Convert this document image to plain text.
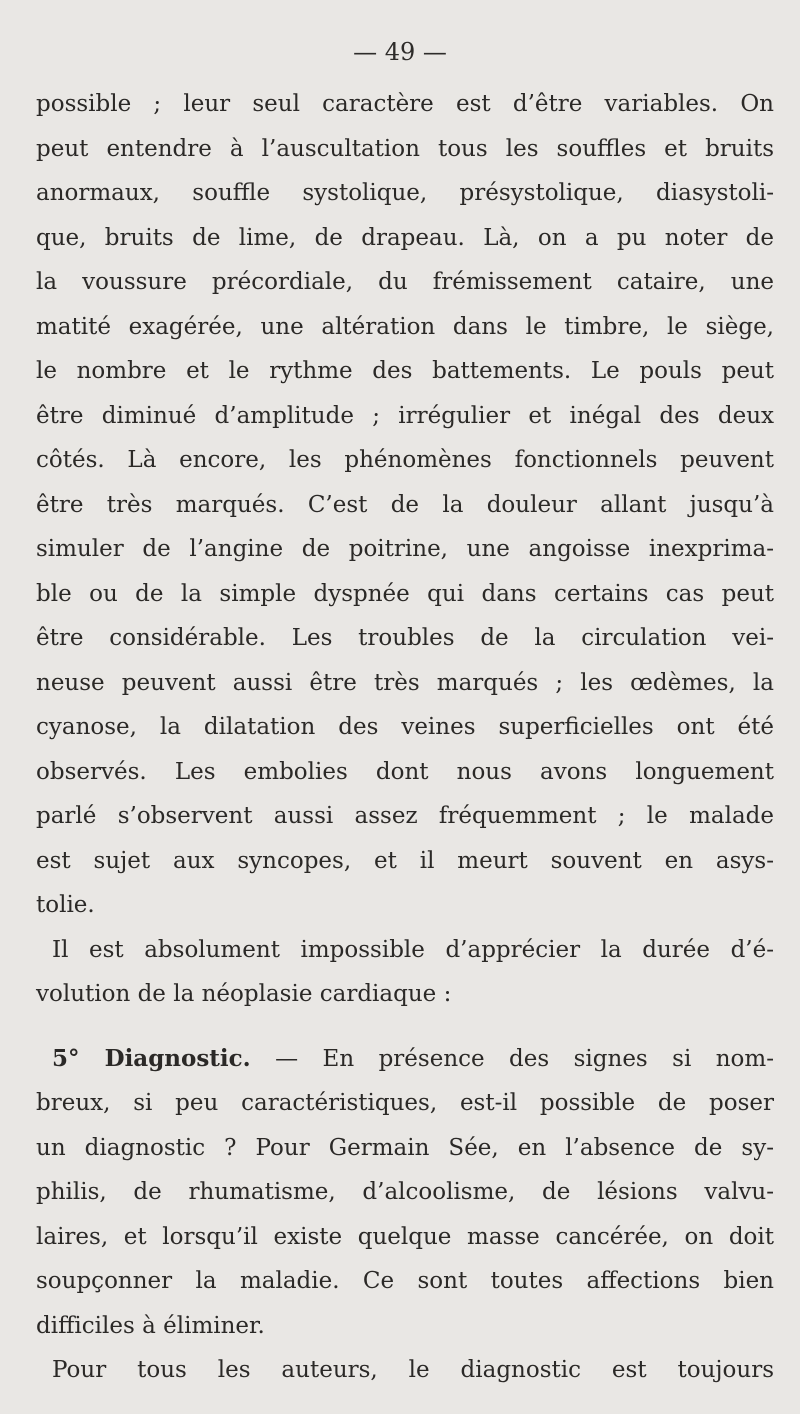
— 49 —
possible ; leur seul caractère est d’être variables. On
peut entendre à l’auscultation tous les souffles et bruits
anormaux, souffle systolique, présystolique, diasystoli-
que, bruits de lime, de drapeau. Là, on a pu noter de
la voussure précordiale, du frémissement cataire, une
matité exagérée, une altération dans le timbre, le siège,
le nombre et le rythme des battements. Le pouls peut
être diminué d’amplitude ; irrégulier et inégal des deux
côtés. Là encore, les phénomènes fonctionnels peuvent
être très marqués. C’est de la douleur allant jusqu’à
simuler de l’angine de poitrine, une angoisse inexprima-
ble ou de la simple dyspnée qui dans certains cas peut
être considérable. Les troubles de la circulation vei-
neuse peuvent aussi être très marqués ; les œdèmes, la
cyanose, la dilatation des veines superficielles ont été
observés. Les embolies dont nous avons longuement
parlé s’observent aussi assez fréquemment ; le malade
est sujet aux syncopes, et il meurt souvent en asys-
tolie.
Il est absolument impossible d’apprécier la durée d’é-
volution de la néoplasie cardiaque :
5° Diagnostic. — En présence des signes si nom-
breux, si peu caractéristiques, est-il possible de poser
un diagnostic ? Pour Germain Sée, en l’absence de sy-
philis, de rhumatisme, d’alcoolisme, de lésions valvu-
laires, et lorsqu’il existe quelque masse cancérée, on doit
soupçonner la maladie. Ce sont toutes affections bien
difficiles à éliminer.
Pour tous les auteurs, le diagnostic est toujours
